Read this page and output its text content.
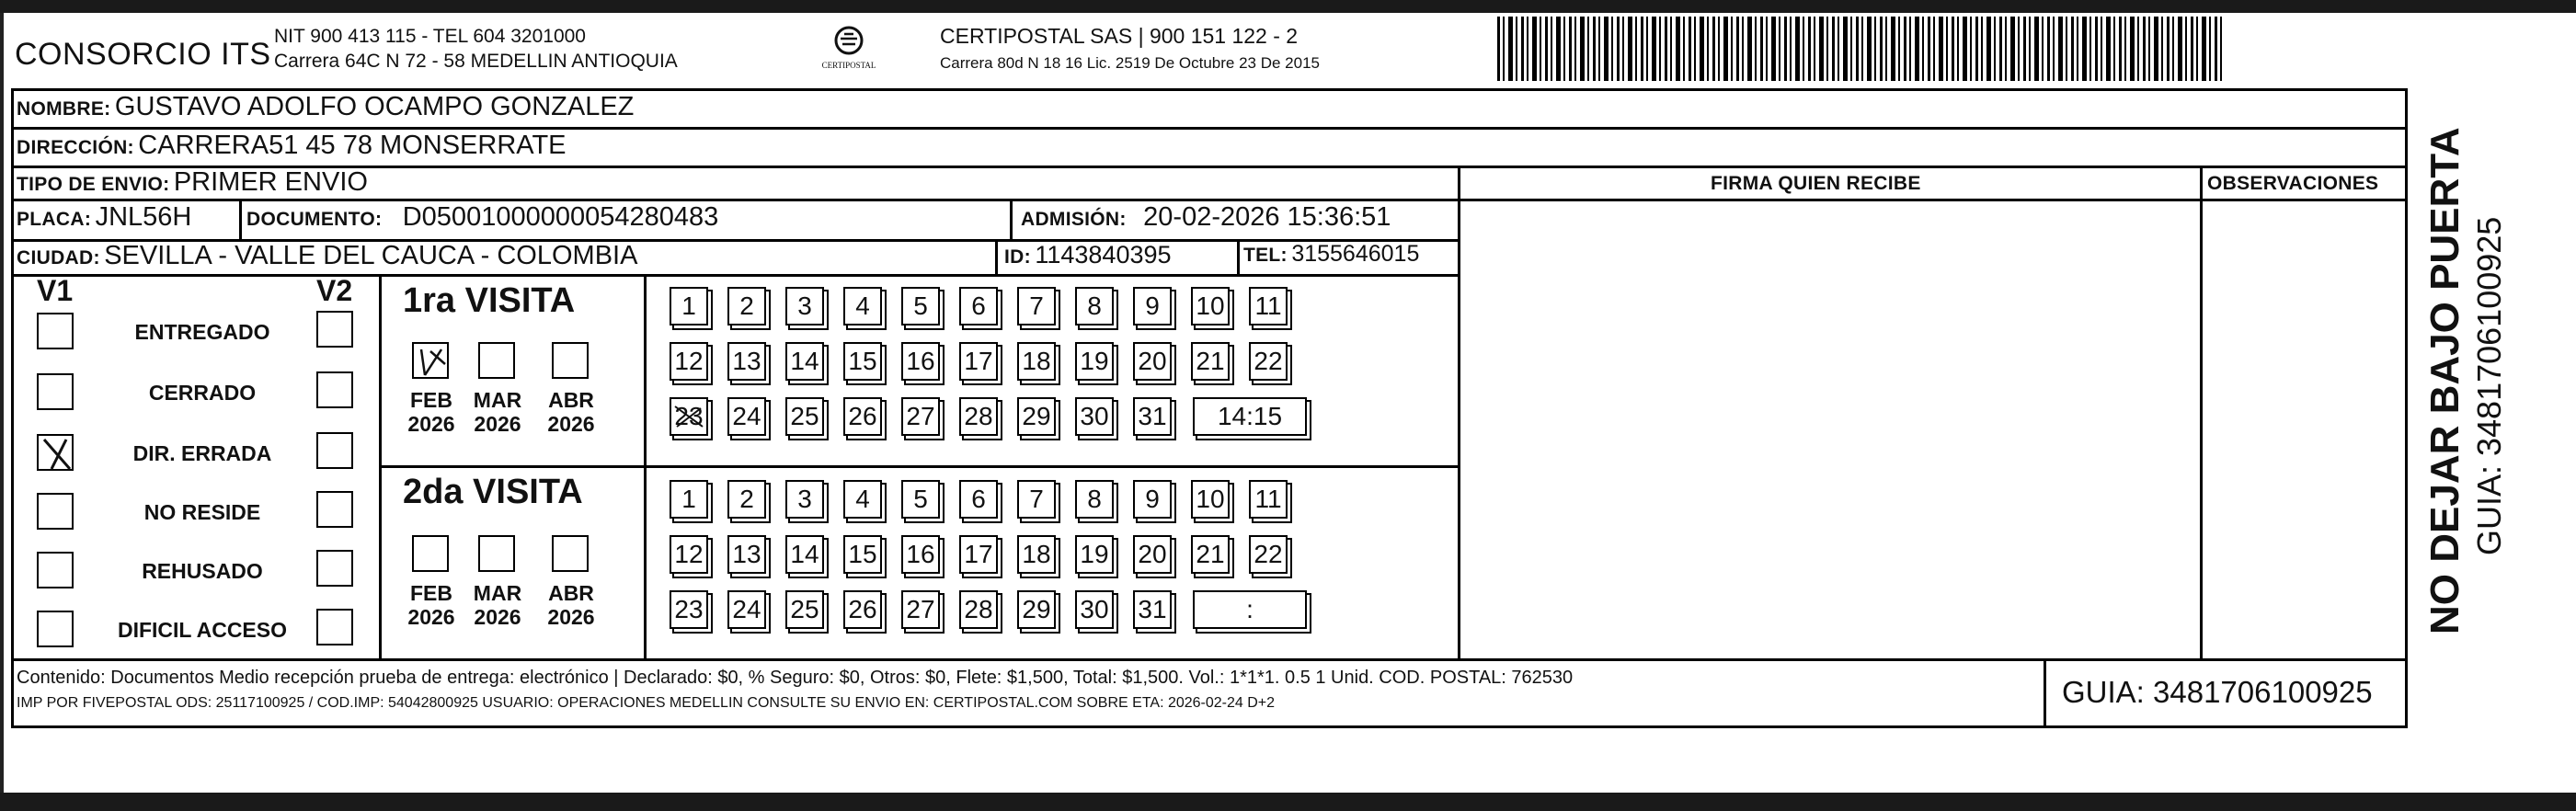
CONSORCIO ITS
NIT 900 413 115 - TEL 604 3201000
Carrera 64C N 72 - 58 MEDELLIN ANTIOQUIA	CERTIPOSTAL
CERTIPOSTAL SAS | 900 151 122 - 2
Carrera 80d N 18 16 Lic. 2519 De Octubre 23 De 2015
NOMBRE: GUSTAVO ADOLFO OCAMPO GONZALEZ
DIRECCIÓN: CARRERA51 45 78 MONSERRATE
TIPO DE ENVIO: PRIMER ENVIO	FIRMA QUIEN RECIBE	OBSERVACIONES
PLACA: JNL56H	DOCUMENTO: D05001000000054280483	ADMISIÓN: 20-02-2026 15:36:51
CIUDAD: SEVILLA - VALLE DEL CAUCA - COLOMBIA	ID: 1143840395	TEL: 3155646015
V1	V2
ENTREGADO
CERRADO
DIR. ERRADA
NO RESIDE
REHUSADO
DIFICIL ACCESO
1ra VISITA
FEB
2026
MAR
2026
ABR
2026
1	2	3	4	5	6	7	8	9	10 11
12 13 14 15 16 17 18 19 20 21 22
23 24 25 26 27 28 29 30 31	14:15
2da VISITA
FEB
2026
MAR
2026
ABR
2026
1	2	3	4	5	6	7	8	9	10 11
12 13 14 15 16 17 18 19 20 21 22
23 24 25 26 27 28 29 30 31	:
Contenido: Documentos Medio recepción prueba de entrega: electrónico | Declarado: $0, % Seguro: $0, Otros: $0, Flete: $1,500, Total: $1,500. Vol.: 1*1*1. 0.5 1 Unid. COD. POSTAL: 762530
IMP POR FIVEPOSTAL ODS: 25117100925 / COD.IMP: 54042800925 USUARIO: OPERACIONES MEDELLIN CONSULTE SU ENVIO EN: CERTIPOSTAL.COM SOBRE ETA: 2026-02-24 D+2	GUIA: 3481706100925
NO DEJAR BAJO PUERTA GUIA: 3481706100925
